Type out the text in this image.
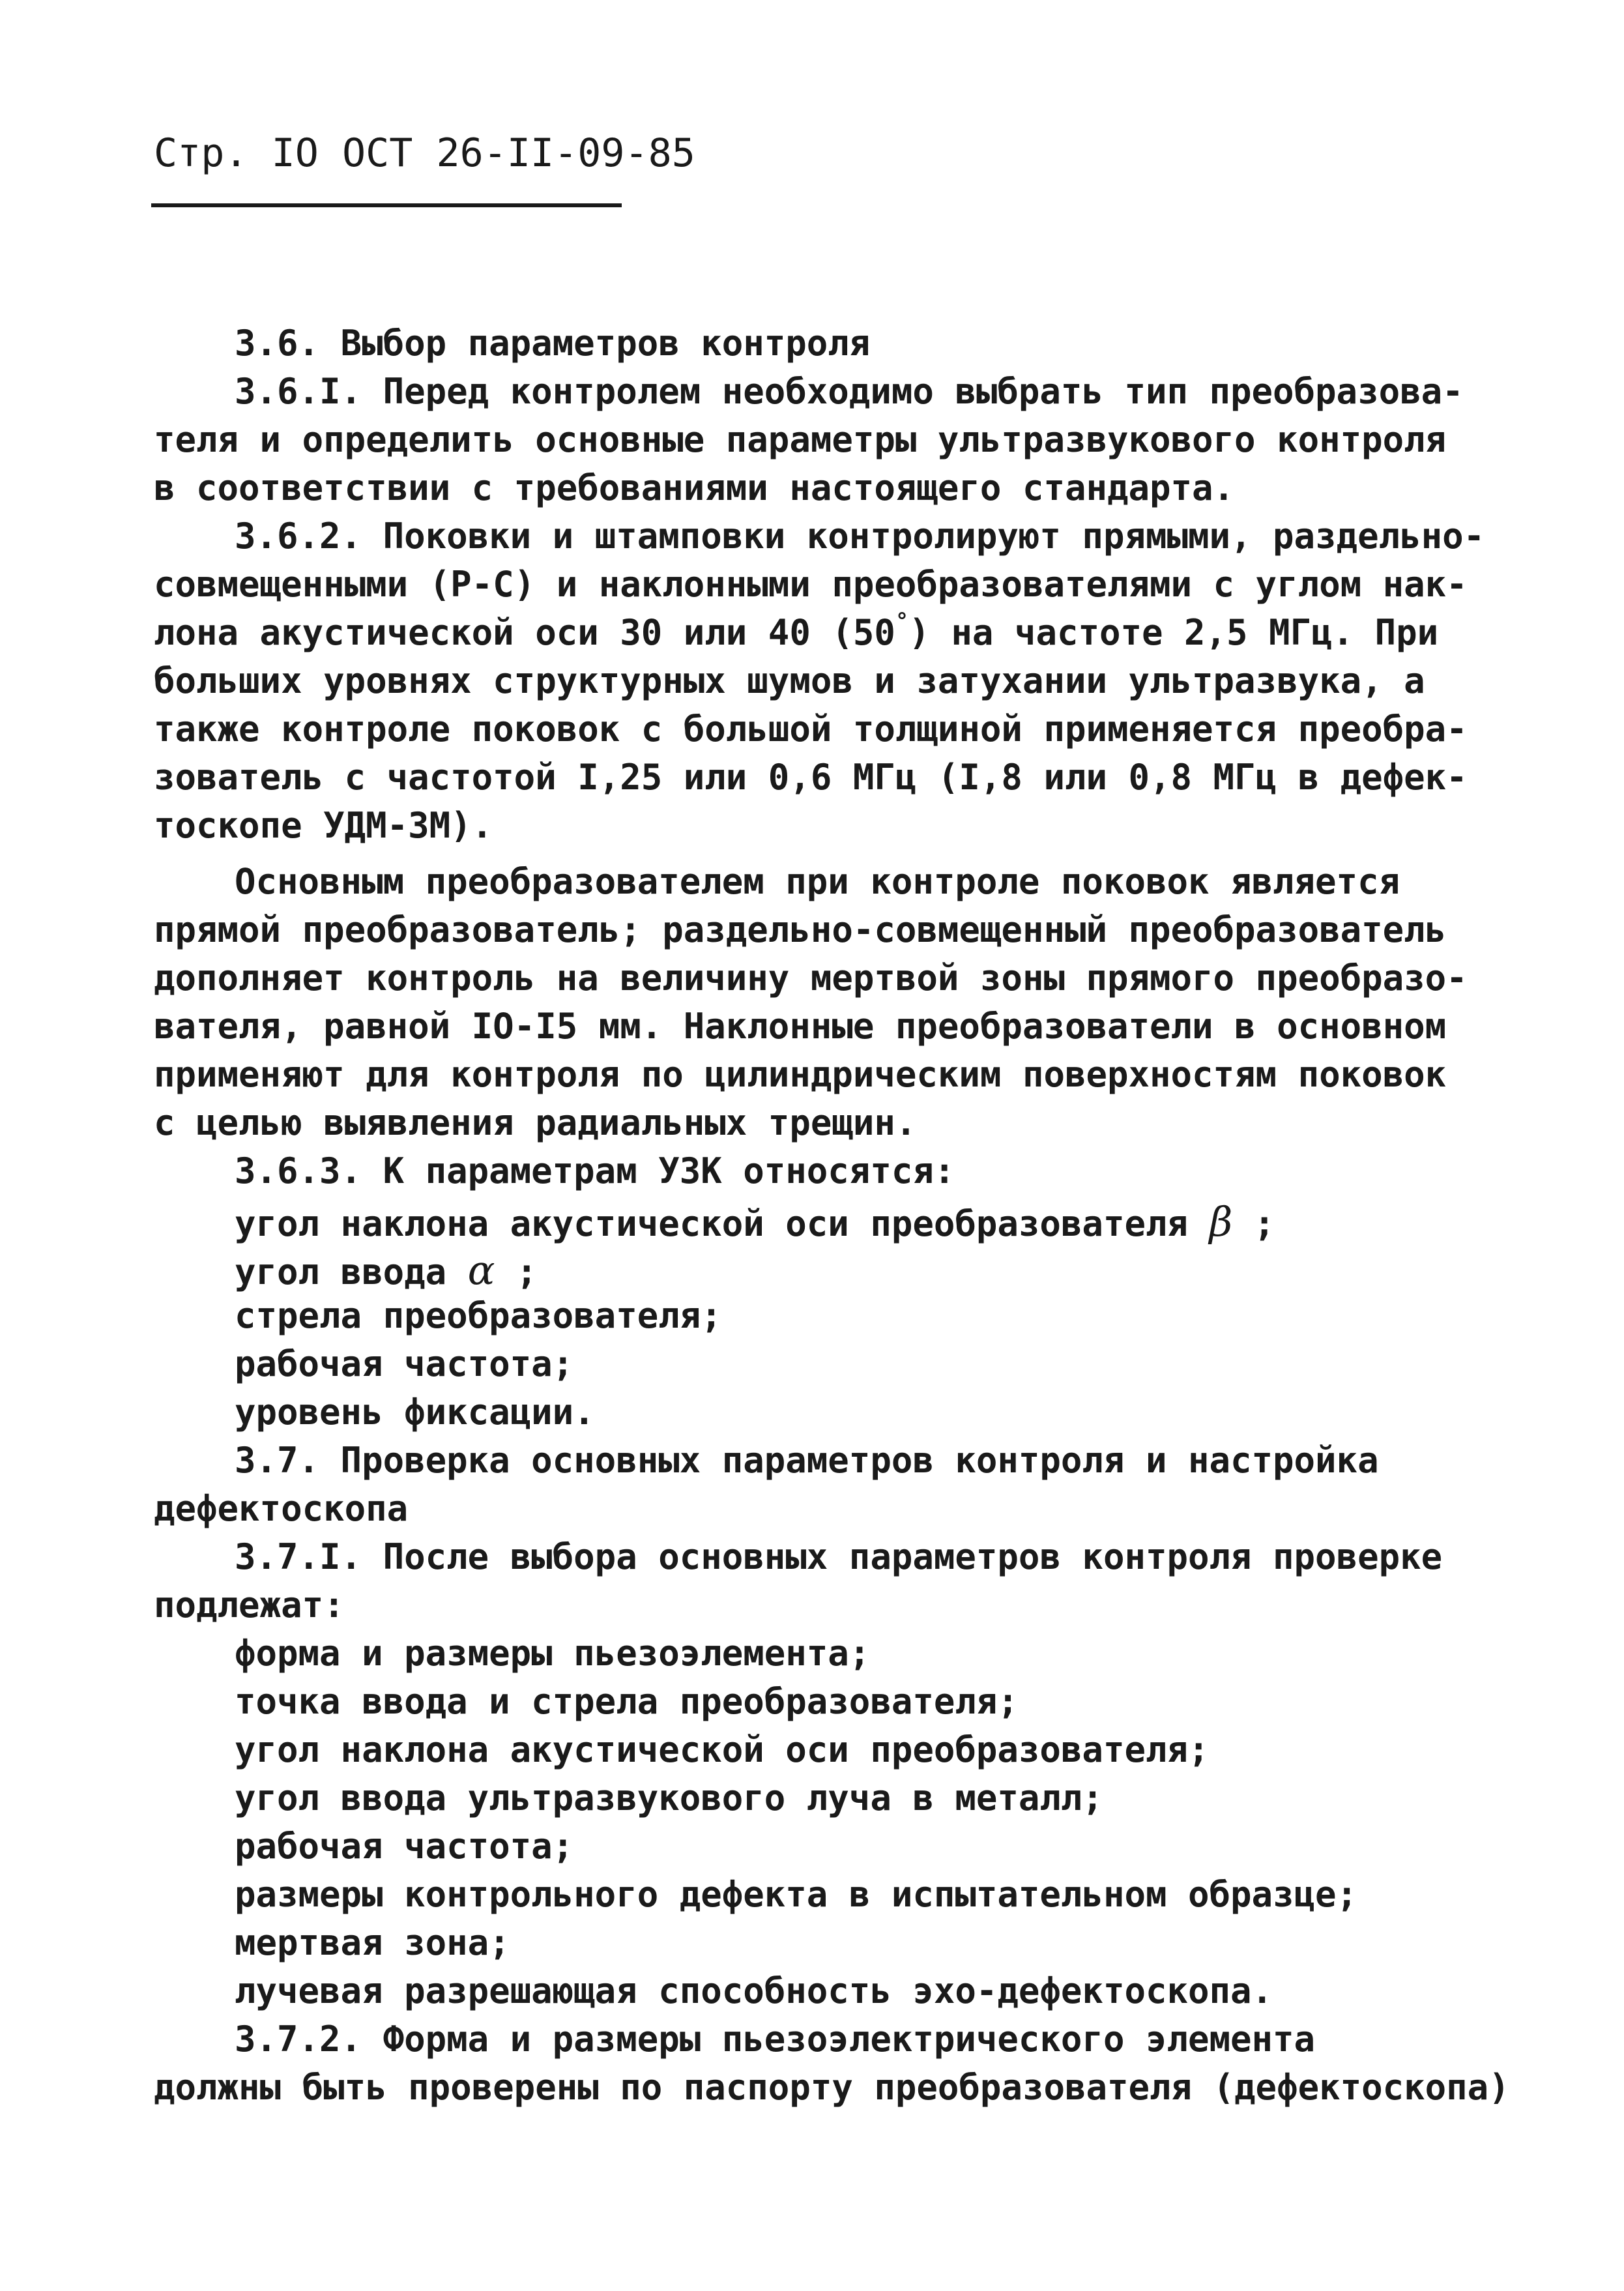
Стр. IO ОСТ 26-II-09-85
3.6. Выбор параметров контроля
3.6.I. Перед контролем необходимо выбрать тип преобразова-
теля и определить основные параметры ультразвукового контроля
в соответствии с требованиями настоящего стандарта.
3.6.2. Поковки и штамповки контролируют прямыми, раздельно-
совмещенными (Р-С) и наклонными преобразователями с углом нак-
лона акустической оси 30 или 40 (50°) на частоте 2,5 МГц. При
больших уровнях структурных шумов и затухании ультразвука, а
также контроле поковок с большой толщиной применяется преобра-
зователь с частотой I,25 или 0,6 МГц (I,8 или 0,8 МГц в дефек-
тоскопе УДМ-3М).
Основным преобразователем при контроле поковок является
прямой преобразователь; раздельно-совмещенный преобразователь
дополняет контроль на величину мертвой зоны прямого преобразо-
вателя, равной IO-I5 мм. Наклонные преобразователи в основном
применяют для контроля по цилиндрическим поверхностям поковок
с целью выявления радиальных трещин.
3.6.3. К параметрам УЗК относятся:
угол наклона акустической оси преобразователя β ;
угол ввода α ;
стрела преобразователя;
рабочая частота;
уровень фиксации.
3.7. Проверка основных параметров контроля и настройка
дефектоскопа
3.7.I. После выбора основных параметров контроля проверке
подлежат:
форма и размеры пьезоэлемента;
точка ввода и стрела преобразователя;
угол наклона акустической оси преобразователя;
угол ввода ультразвукового луча в металл;
рабочая частота;
размеры контрольного дефекта в испытательном образце;
мертвая зона;
лучевая разрешающая способность эхо-дефектоскопа.
3.7.2. Форма и размеры пьезоэлектрического элемента
должны быть проверены по паспорту преобразователя (дефектоскопа)
